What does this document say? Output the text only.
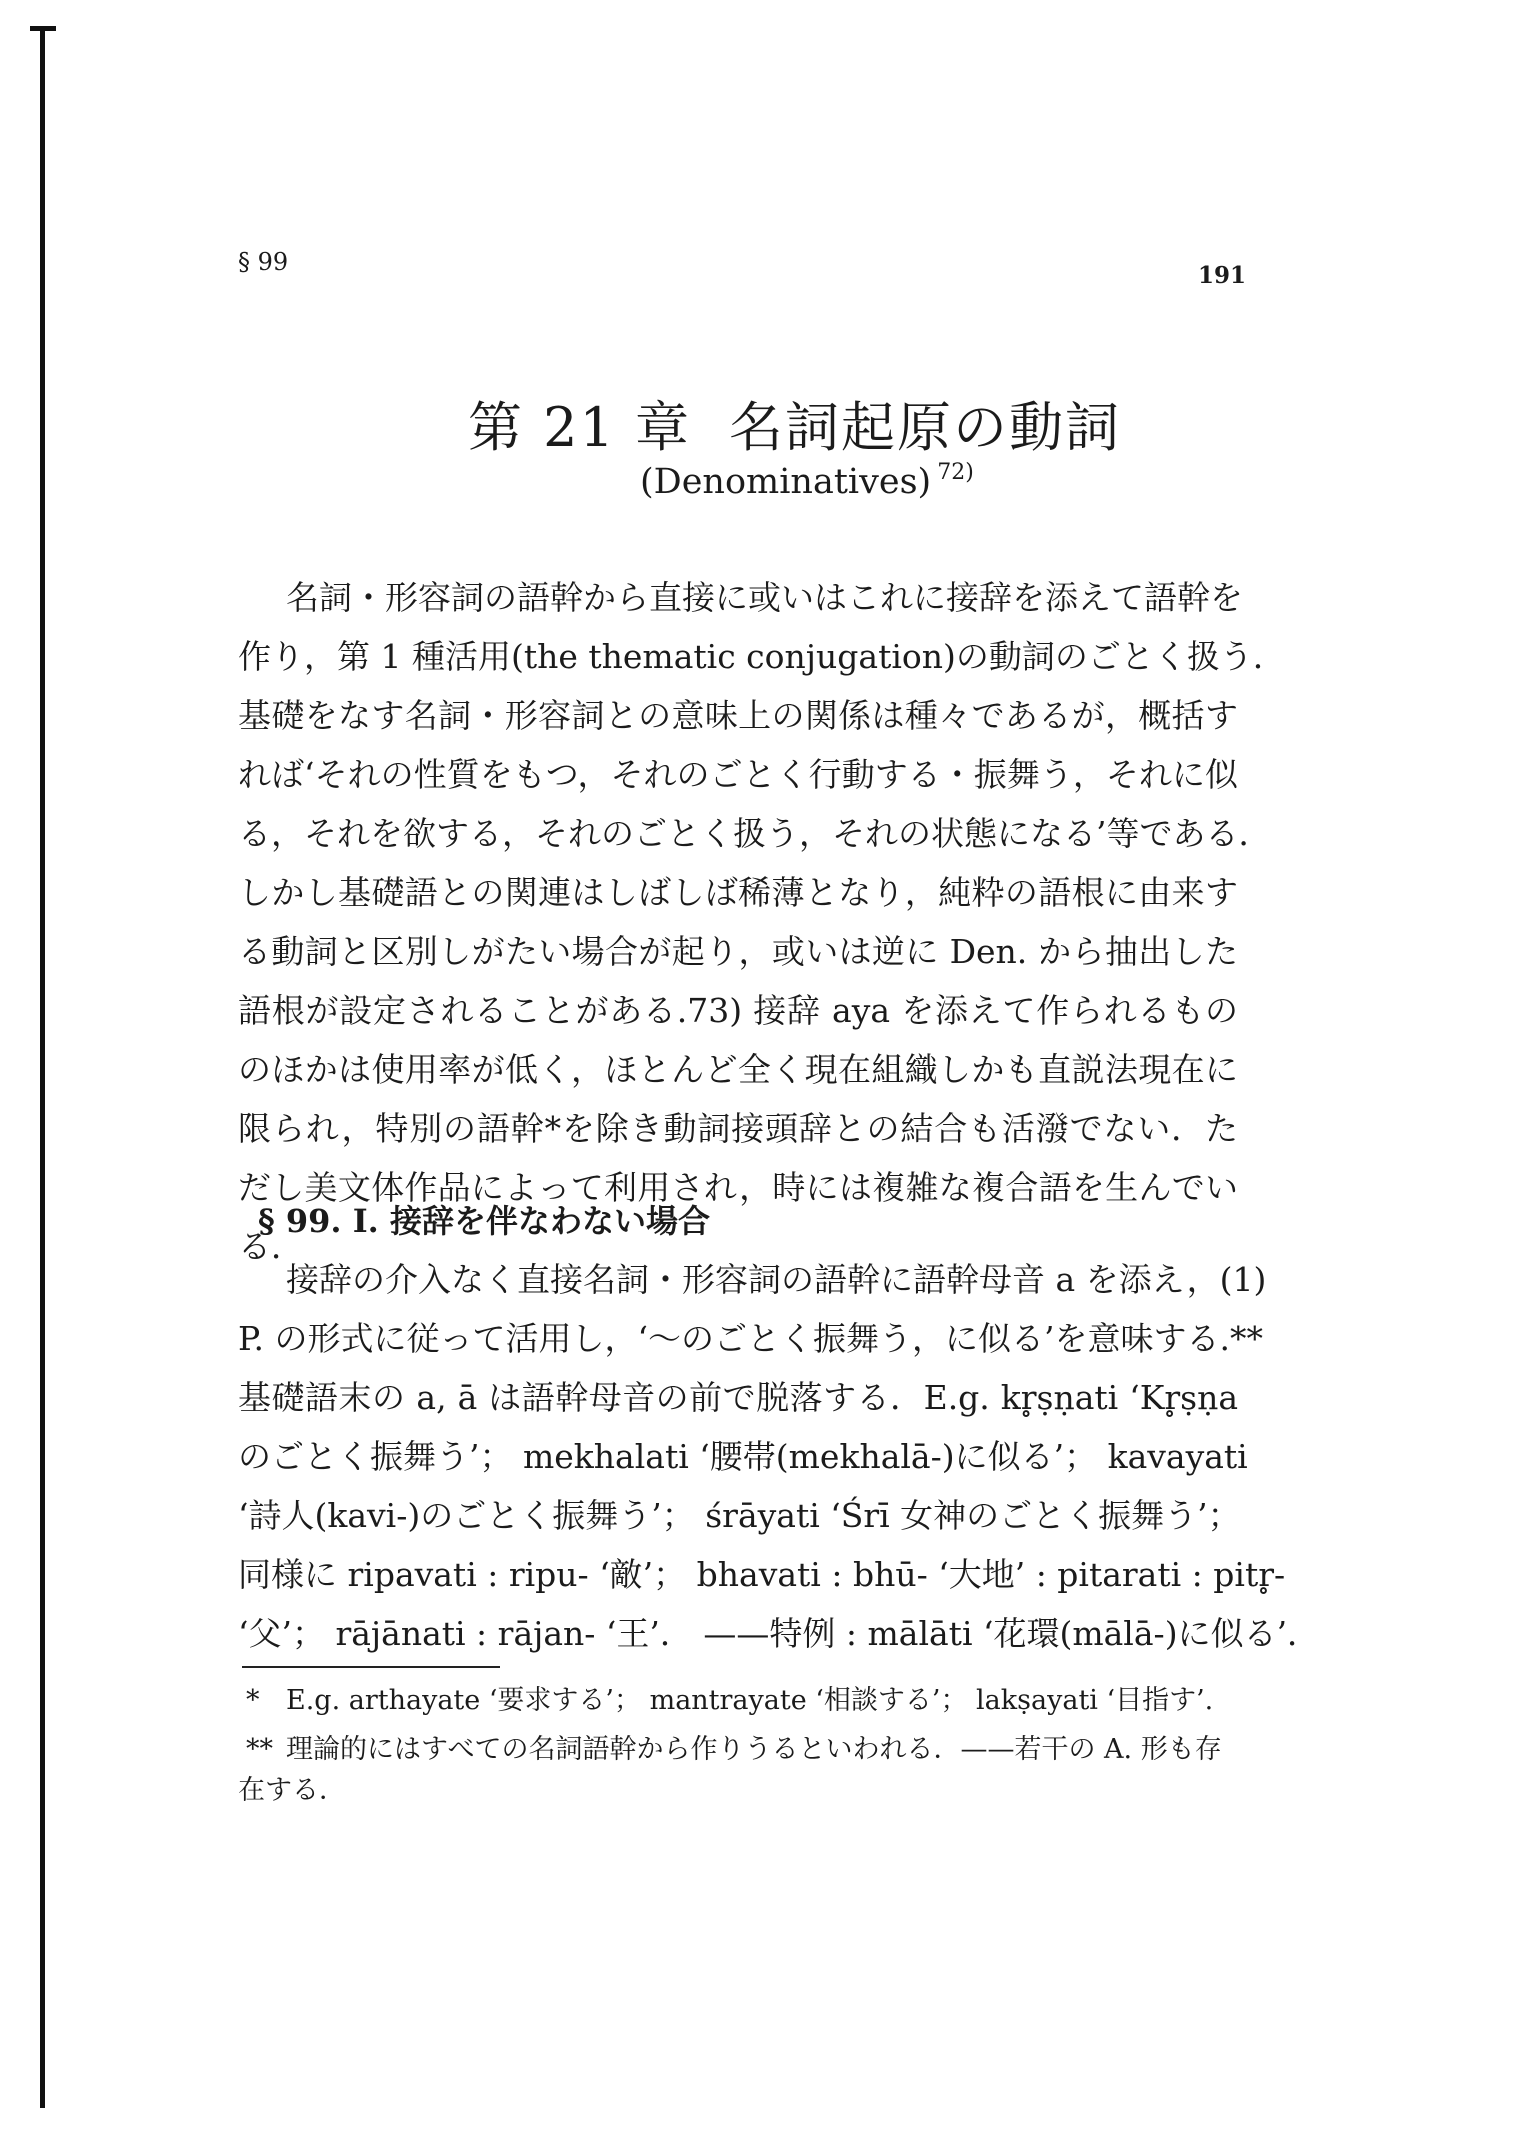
§ 99	191
第 21 章 名詞起原の動詞
(Denominatives) $^{72)}$
名詞・形容詞の語幹から直接に或いはこれに接辞を添えて語幹を
作り，第 1 種活用(the thematic conjugation)の動詞のごとく扱う．
基礎をなす名詞・形容詞との意味上の関係は種々であるが，概括す
れば‘それの性質をもつ，それのごとく行動する・振舞う，それに似
る，それを欲する，それのごとく扱う，それの状態になる’等である．
しかし基礎語との関連はしばしば稀薄となり，純粋の語根に由来す
る動詞と区別しがたい場合が起り，或いは逆に Den. から抽出した
語根が設定されることがある.73) 接辞 aya を添えて作られるもの
のほかは使用率が低く，ほとんど全く現在組織しかも直説法現在に
限られ，特別の語幹*を除き動詞接頭辞との結合も活潑でない．た
だし美文体作品によって利用され，時には複雑な複合語を生んでい
る．
§ 99. I. 接辞を伴なわない場合
接辞の介入なく直接名詞・形容詞の語幹に語幹母音 a を添え，(1)
P. の形式に従って活用し，‘～のごとく振舞う，に似る’を意味する.**
基礎語末の a, ā は語幹母音の前で脱落する．E.g. kr̥ṣṇati ‘Kr̥ṣṇa
のごとく振舞う’； mekhalati ‘腰帯(mekhalā-)に似る’； kavayati
‘詩人(kavi-)のごとく振舞う’； śrāyati ‘Śrī 女神のごとく振舞う’；
同様に ripavati : ripu- ‘敵’； bhavati : bhū- ‘大地’ : pitarati : pitr̥-
‘父’； rājānati : rājan- ‘王’． ——特例 : mālāti ‘花環(mālā-)に似る’．
* E.g. arthayate ‘要求する’； mantrayate ‘相談する’； lakṣayati ‘目指す’.
** 理論的にはすべての名詞語幹から作りうるといわれる．——若干の A. 形も存在する．
